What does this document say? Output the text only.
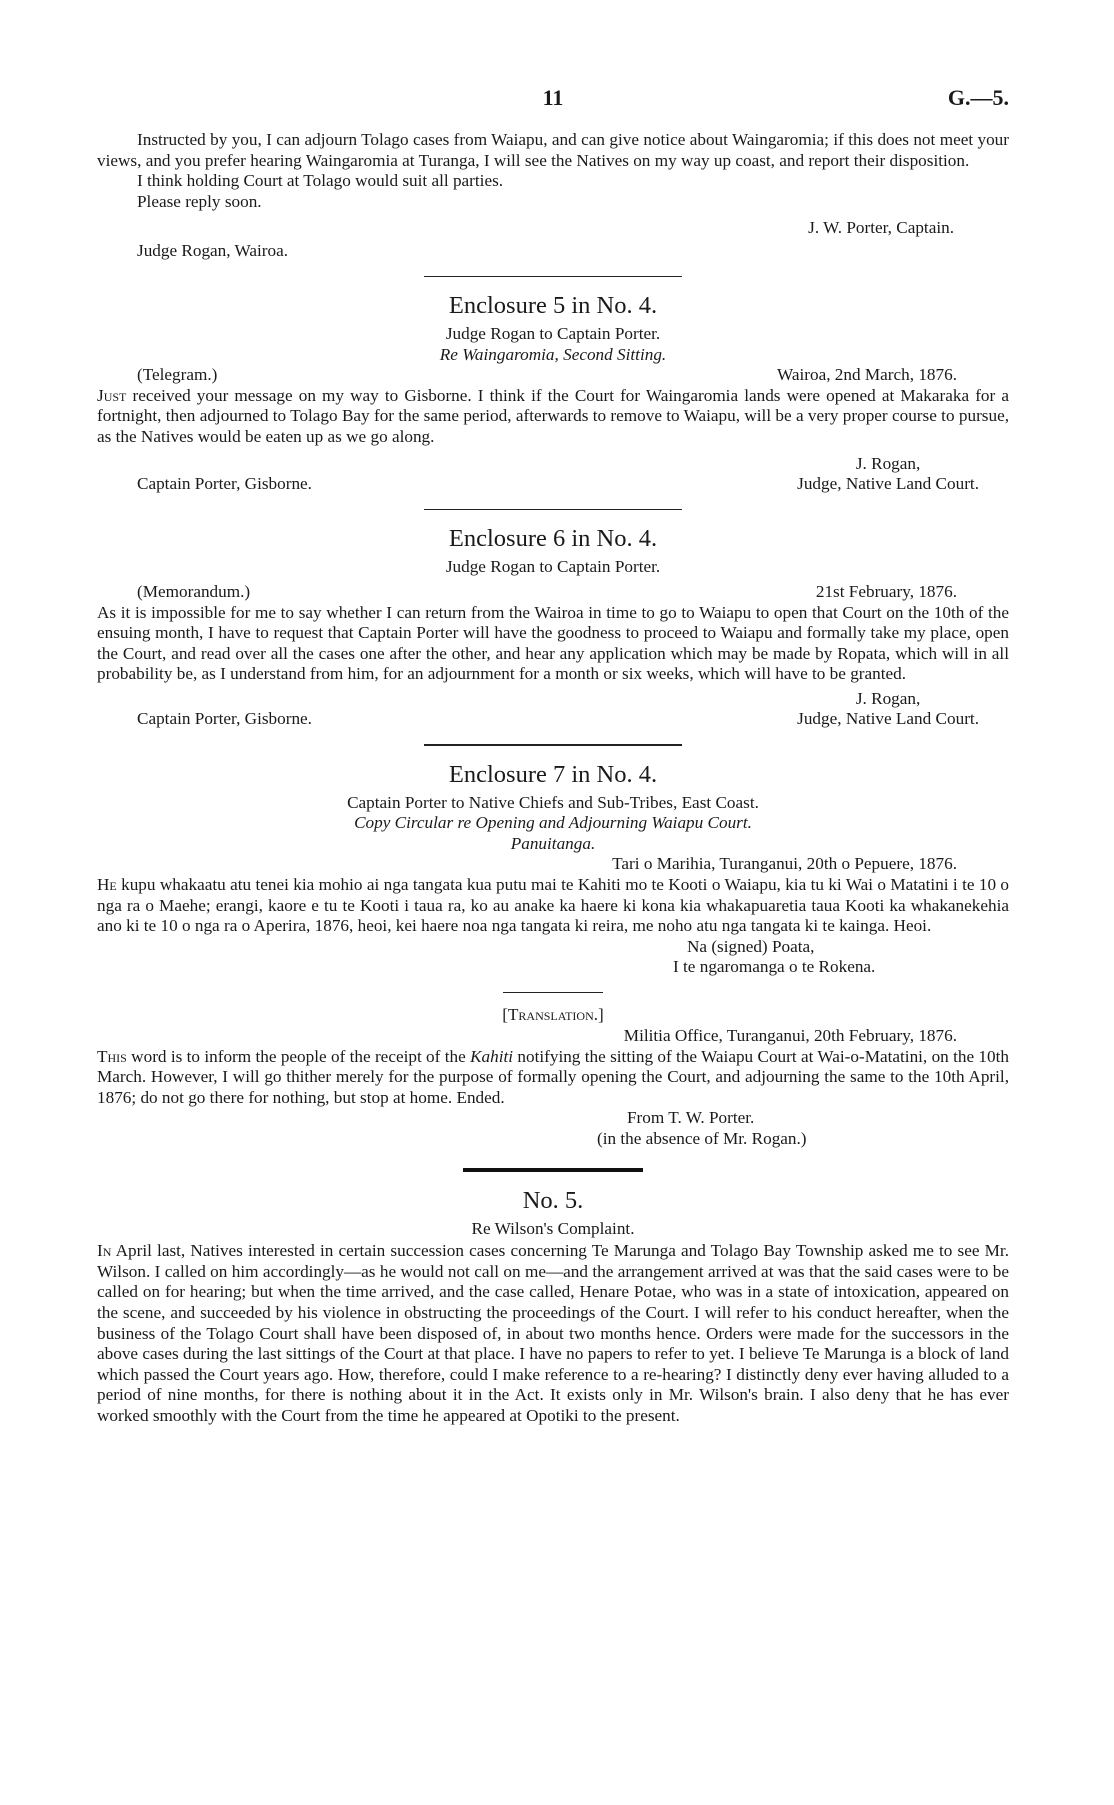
11	G.—5.

Instructed by you, I can adjourn Tolago cases from Waiapu, and can give notice about Waingaromia; if this does not meet your views, and you prefer hearing Waingaromia at Turanga, I will see the Natives on my way up coast, and report their disposition.

I think holding Court at Tolago would suit all parties.

Please reply soon.

J. W. Porter, Captain.

Judge Rogan, Wairoa.

Enclosure 5 in No. 4.
Judge Rogan to Captain Porter.
Re Waingaromia, Second Sitting.
(Telegram.)	Wairoa, 2nd March, 1876.

Just received your message on my way to Gisborne. I think if the Court for Waingaromia lands were opened at Makaraka for a fortnight, then adjourned to Tolago Bay for the same period, afterwards to remove to Waiapu, will be a very proper course to pursue, as the Natives would be eaten up as we go along.

Captain Porter, Gisborne.
J. Rogan,
Judge, Native Land Court.
Enclosure 6 in No. 4.
Judge Rogan to Captain Porter.
(Memorandum.)	21st February, 1876.

As it is impossible for me to say whether I can return from the Wairoa in time to go to Waiapu to open that Court on the 10th of the ensuing month, I have to request that Captain Porter will have the goodness to proceed to Waiapu and formally take my place, open the Court, and read over all the cases one after the other, and hear any application which may be made by Ropata, which will in all probability be, as I understand from him, for an adjournment for a month or six weeks, which will have to be granted.

Captain Porter, Gisborne.
J. Rogan,
Judge, Native Land Court.
Enclosure 7 in No. 4.
Captain Porter to Native Chiefs and Sub-Tribes, East Coast.
Copy Circular re Opening and Adjourning Waiapu Court.
Panuitanga.

Tari o Marihia, Turanganui, 20th o Pepuere, 1876.

He kupu whakaatu atu tenei kia mohio ai nga tangata kua putu mai te Kahiti mo te Kooti o Waiapu, kia tu ki Wai o Matatini i te 10 o nga ra o Maehe; erangi, kaore e tu te Kooti i taua ra, ko au anake ka haere ki kona kia whakapuaretia taua Kooti ka whakanekehia ano ki te 10 o nga ra o Aperira, 1876, heoi, kei haere noa nga tangata ki reira, me noho atu nga tangata ki te kainga. Heoi.

Na (signed) Poata,
I te ngaromanga o te Rokena.
[Translation.]

Militia Office, Turanganui, 20th February, 1876.

This word is to inform the people of the receipt of the Kahiti notifying the sitting of the Waiapu Court at Wai-o-Matatini, on the 10th March. However, I will go thither merely for the purpose of formally opening the Court, and adjourning the same to the 10th April, 1876; do not go there for nothing, but stop at home. Ended.

From T. W. Porter.
(in the absence of Mr. Rogan.)
No. 5.
Re Wilson's Complaint.

In April last, Natives interested in certain succession cases concerning Te Marunga and Tolago Bay Township asked me to see Mr. Wilson. I called on him accordingly—as he would not call on me—and the arrangement arrived at was that the said cases were to be called on for hearing; but when the time arrived, and the case called, Henare Potae, who was in a state of intoxication, appeared on the scene, and succeeded by his violence in obstructing the proceedings of the Court. I will refer to his conduct hereafter, when the business of the Tolago Court shall have been disposed of, in about two months hence. Orders were made for the successors in the above cases during the last sittings of the Court at that place. I have no papers to refer to yet. I believe Te Marunga is a block of land which passed the Court years ago. How, therefore, could I make reference to a re-hearing? I distinctly deny ever having alluded to a period of nine months, for there is nothing about it in the Act. It exists only in Mr. Wilson's brain. I also deny that he has ever worked smoothly with the Court from the time he appeared at Opotiki to the present.
